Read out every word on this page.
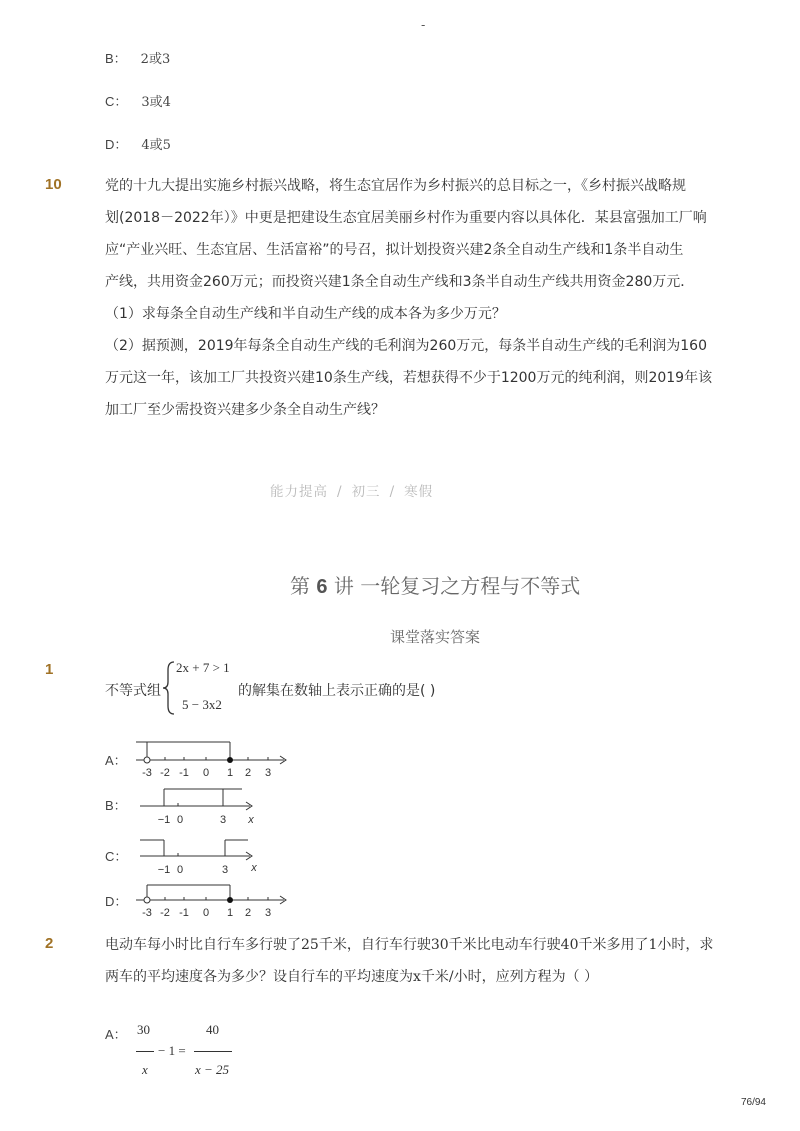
-
B： 2或3
C： 3或4
D： 4或5
10	党的十九大提出实施乡村振兴战略，将生态宜居作为乡村振兴的总目标之一，《乡村振兴战略规
划(2018－2022年）》中更是把建设生态宜居美丽乡村作为重要内容以具体化．某县富强加工厂响
应“产业兴旺、生态宜居、生活富裕”的号召，拟计划投资兴建2条全自动生产线和1条半自动生
产线，共用资金260万元；而投资兴建1条全自动生产线和3条半自动生产线共用资金280万元．
（1）求每条全自动生产线和半自动生产线的成本各为多少万元？
（2）据预测，2019年每条全自动生产线的毛利润为260万元，每条半自动生产线的毛利润为160
万元这一年，该加工厂共投资兴建10条生产线，若想获得不少于1200万元的纯利润，则2019年该
加工厂至少需投资兴建多少条全自动生产线？
能力提高 / 初三 / 寒假
第 6 讲 一轮复习之方程与不等式
课堂落实答案
1
不等式组
2x + 7 > 1
5 − 3x2
的解集在数轴上表示正确的是( )
A：
-3 -2 -1 0 1 2 3
B：
−1 0	3 x
C：
−1 0	3 x
D：
-3 -2 -1 0 1 2 3
2	电动车每小时比自行车多行驶了25千米，自行车行驶30千米比电动车行驶40千米多用了1小时，求
两车的平均速度各为多少？设自行车的平均速度为x千米/小时，应列方程为（ ）
A： 30
x
− 1 =
40
x − 25
76/94
